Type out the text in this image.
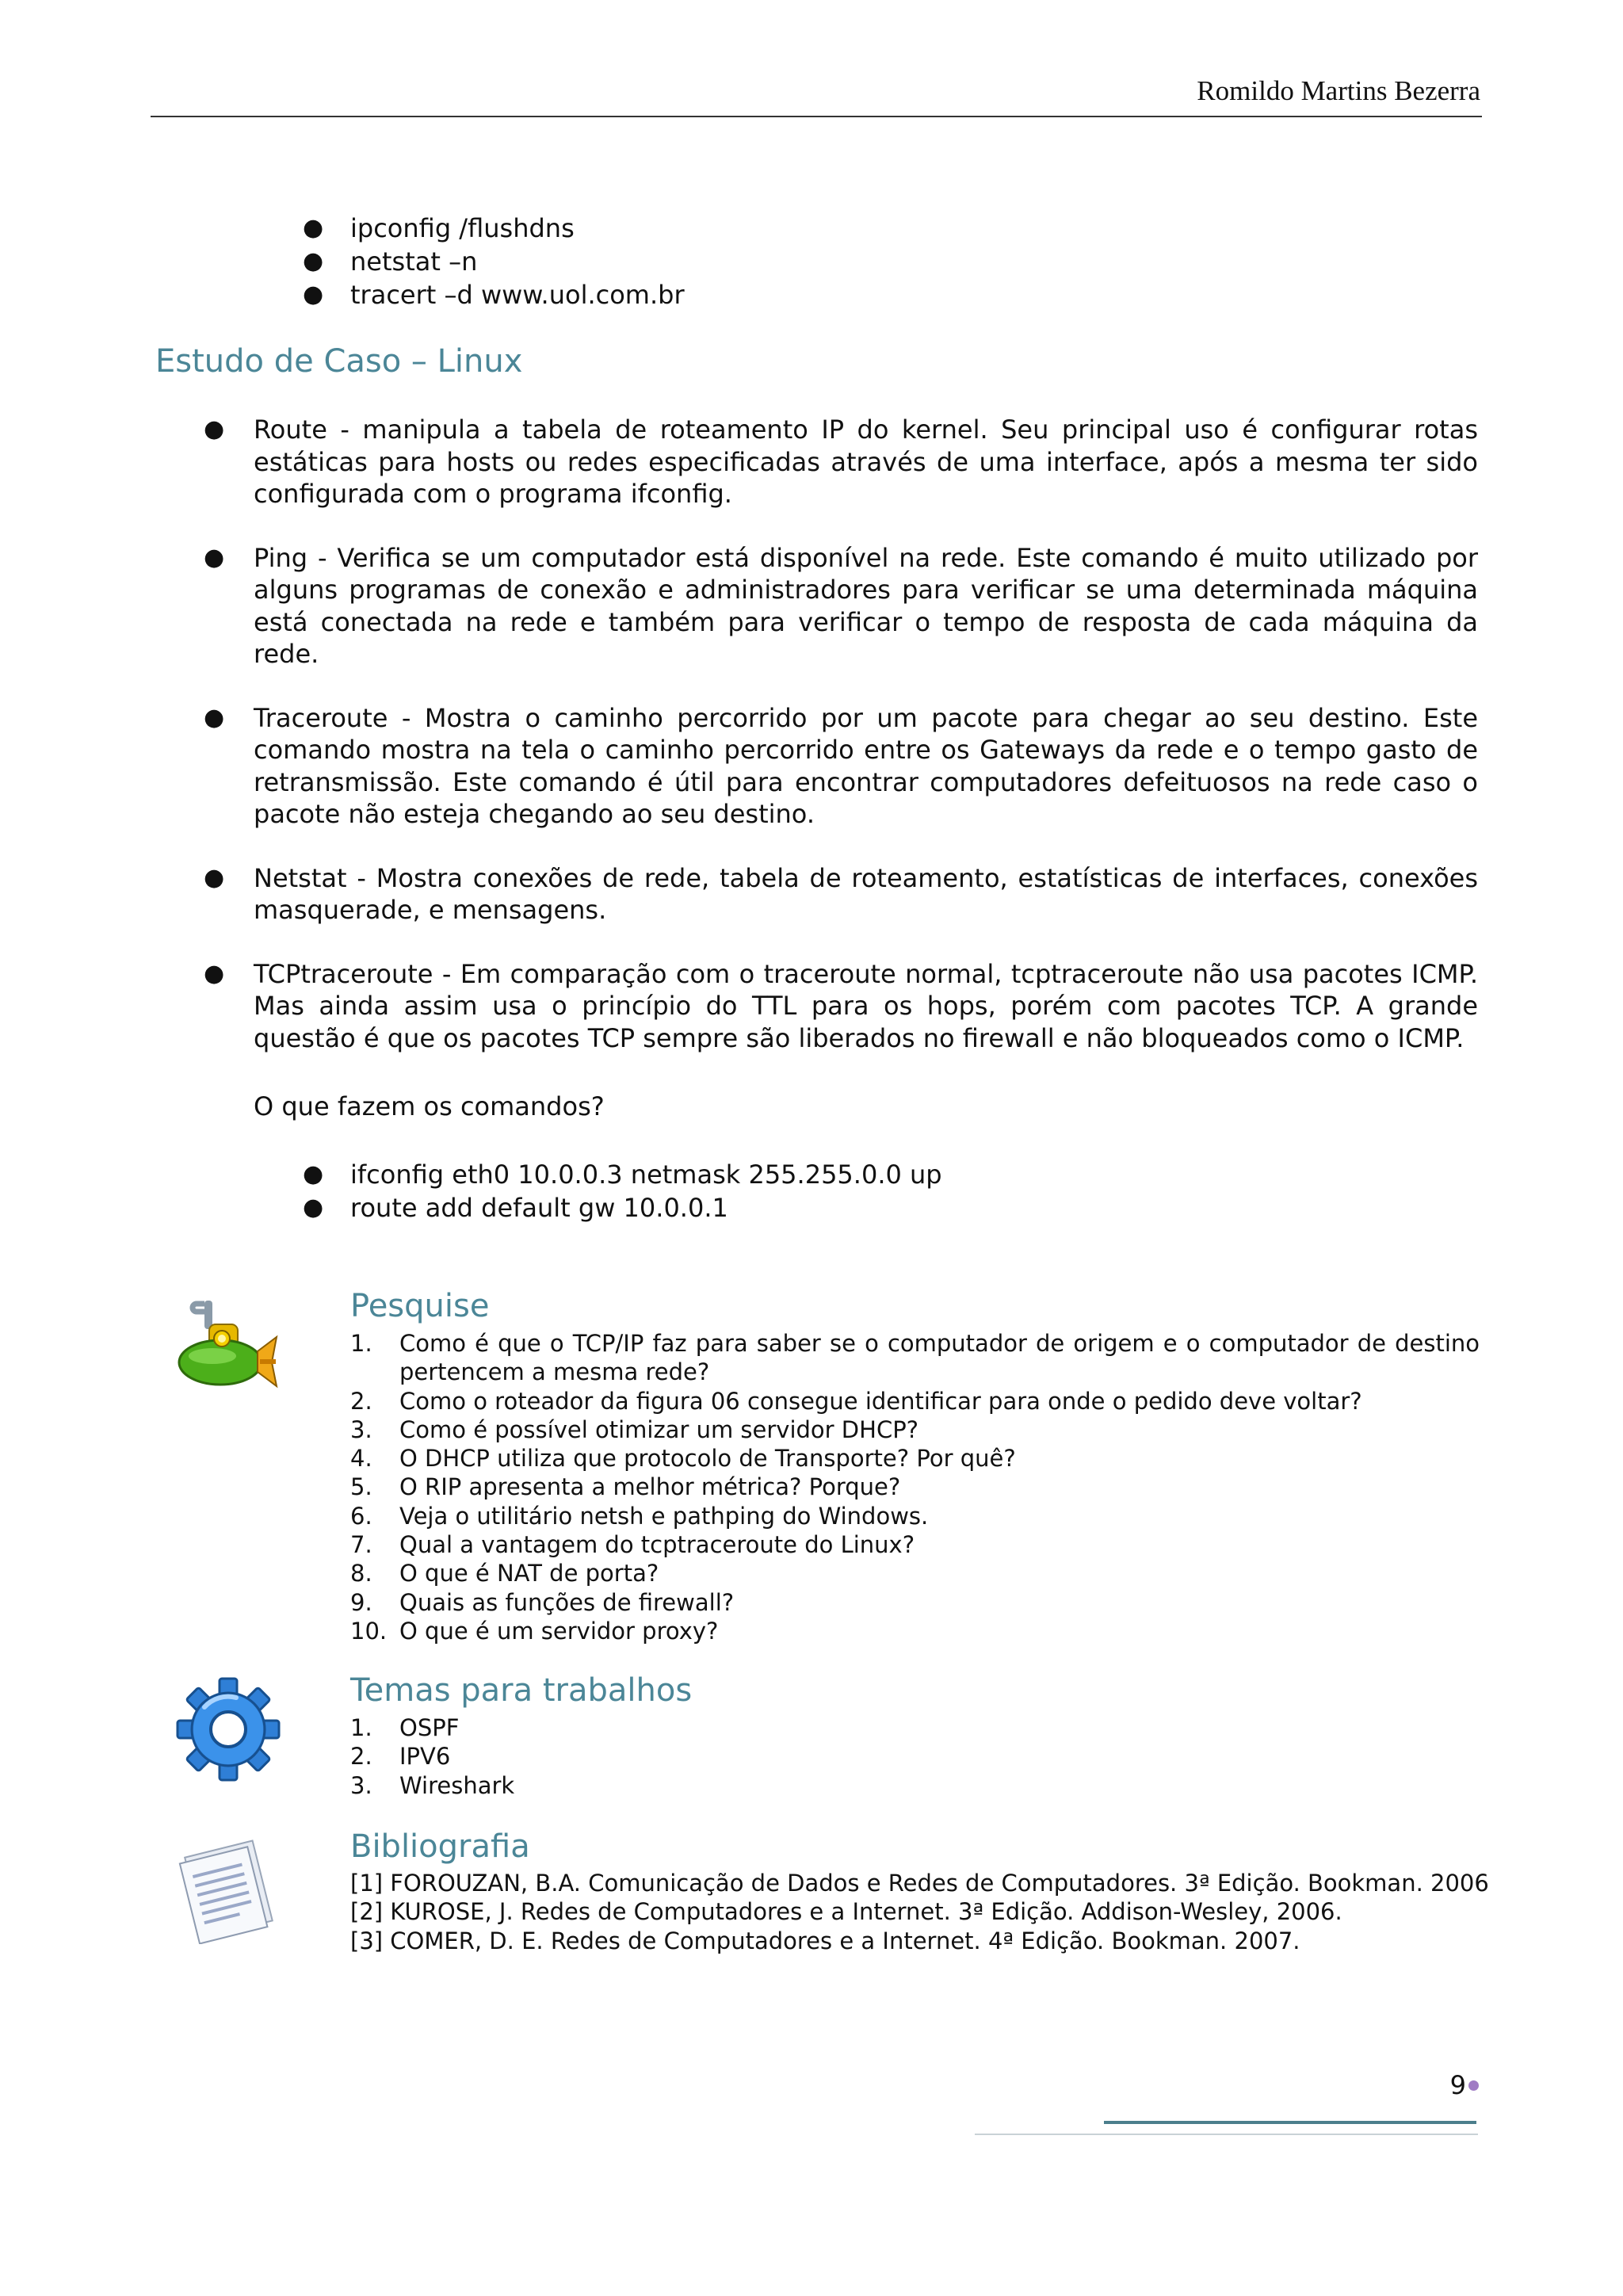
Romildo Martins Bezerra
● ipconfig /flushdns
● netstat –n
● tracert –d www.uol.com.br
Estudo de Caso – Linux
● Route - manipula a tabela de roteamento IP do kernel. Seu principal uso é configurar rotas estáticas para hosts ou redes especificadas através de uma interface, após a mesma ter sido configurada com o programa ifconfig.
● Ping - Verifica se um computador está disponível na rede. Este comando é muito utilizado por alguns programas de conexão e administradores para verificar se uma determinada máquina está conectada na rede e também para verificar o tempo de resposta de cada máquina da rede.
● Traceroute - Mostra o caminho percorrido por um pacote para chegar ao seu destino. Este comando mostra na tela o caminho percorrido entre os Gateways da rede e o tempo gasto de retransmissão. Este comando é útil para encontrar computadores defeituosos na rede caso o pacote não esteja chegando ao seu destino.
● Netstat - Mostra conexões de rede, tabela de roteamento, estatísticas de interfaces, conexões masquerade, e mensagens.
● TCPtraceroute - Em comparação com o traceroute normal, tcptraceroute não usa pacotes ICMP. Mas ainda assim usa o princípio do TTL para os hops, porém com pacotes TCP. A grande questão é que os pacotes TCP sempre são liberados no firewall e não bloqueados como o ICMP.
O que fazem os comandos?
● ifconfig eth0 10.0.0.3 netmask 255.255.0.0 up
● route add default gw 10.0.0.1
Pesquise
1. Como é que o TCP/IP faz para saber se o computador de origem e o computador de destino pertencem a mesma rede?
2. Como o roteador da figura 06 consegue identificar para onde o pedido deve voltar?
3. Como é possível otimizar um servidor DHCP?
4. O DHCP utiliza que protocolo de Transporte? Por quê?
5. O RIP apresenta a melhor métrica? Porque?
6. Veja o utilitário netsh e pathping do Windows.
7. Qual a vantagem do tcptraceroute do Linux?
8. O que é NAT de porta?
9. Quais as funções de firewall?
10. O que é um servidor proxy?
Temas para trabalhos
1. OSPF
2. IPV6
3. Wireshark
Bibliografia
[1] FOROUZAN, B.A. Comunicação de Dados e Redes de Computadores. 3ª Edição. Bookman. 2006
[2] KUROSE, J. Redes de Computadores e a Internet. 3ª Edição. Addison-Wesley, 2006.
[3] COMER, D. E. Redes de Computadores e a Internet. 4ª Edição. Bookman. 2007.
9
